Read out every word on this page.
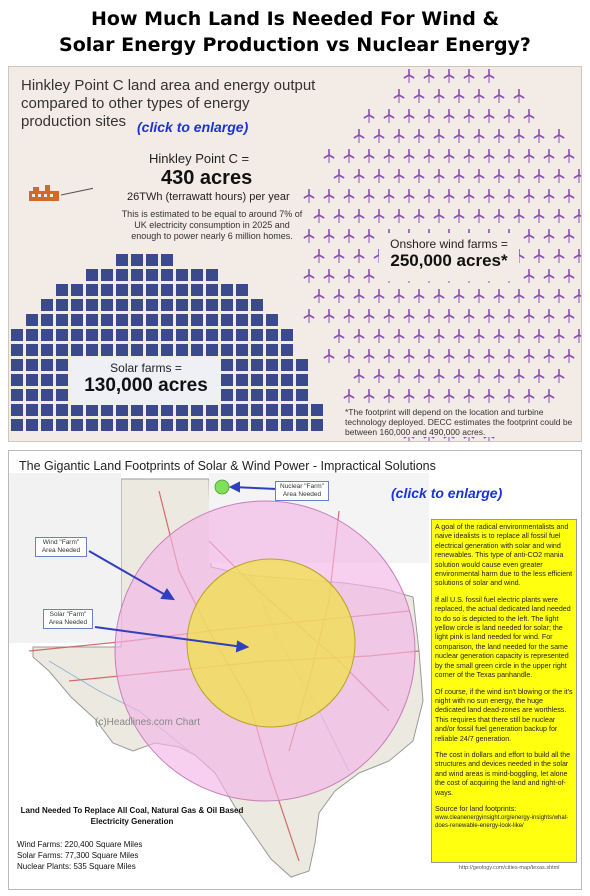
How Much Land Is Needed For Wind &
Solar Energy Production vs Nuclear Energy?
Hinkley Point C land area and energy output compared to other types of energy production sites (click to enlarge)
Hinkley Point C =
430 acres
26TWh (terrawatt hours) per year
This is estimated to be equal to around 7% of UK electricity consumption in 2025 and enough to power nearly 6 million homes.
Solar farms =
130,000 acres
Onshore wind farms =
250,000 acres*
*The footprint will depend on the location and turbine technology deployed. DECC estimates the footprint could be between 160,000 and 490,000 acres.
The Gigantic Land Footprints of Solar & Wind Power - Impractical Solutions
(click to enlarge)
Nuclear "Farm" Area Needed
Wind "Farm" Area Needed
Solar "Farm" Area Needed
(c)Headlines.com Chart

A goal of the radical environmentalists and naive idealists is to replace all fossil fuel electrical generation with solar and wind renewables. This type of anti-CO2 mania solution would cause even greater environmental harm due to the less efficient solutions of solar and wind.

If all U.S. fossil fuel electric plants were replaced, the actual dedicated land needed to do so is depicted to the left. The light yellow circle is land needed for solar; the light pink is land needed for wind. For comparison, the land needed for the same nuclear generation capacity is represented by the small green circle in the upper right corner of the Texas panhandle.

Of course, if the wind isn't blowing or the it's night with no sun energy, the huge dedicated land dead-zones are worthless. This requires that there still be nuclear and/or fossil fuel generation backup for reliable 24/7 generation.

The cost in dollars and effort to build all the structures and devices needed in the solar and wind areas is mind-boggling, let alone the cost of acquiring the land and right-of-ways.

Source for land footprints:
www.cleanenergyinsight.org/energy-insights/what-does-renewable-energy-look-like/
Land Needed To Replace All Coal, Natural Gas & Oil Based Electricity Generation
Wind Farms: 220,400 Square Miles
Solar Farms: 77,300 Square Miles
Nuclear Plants: 535 Square Miles	http://geology.com/cities-map/texas.shtml
